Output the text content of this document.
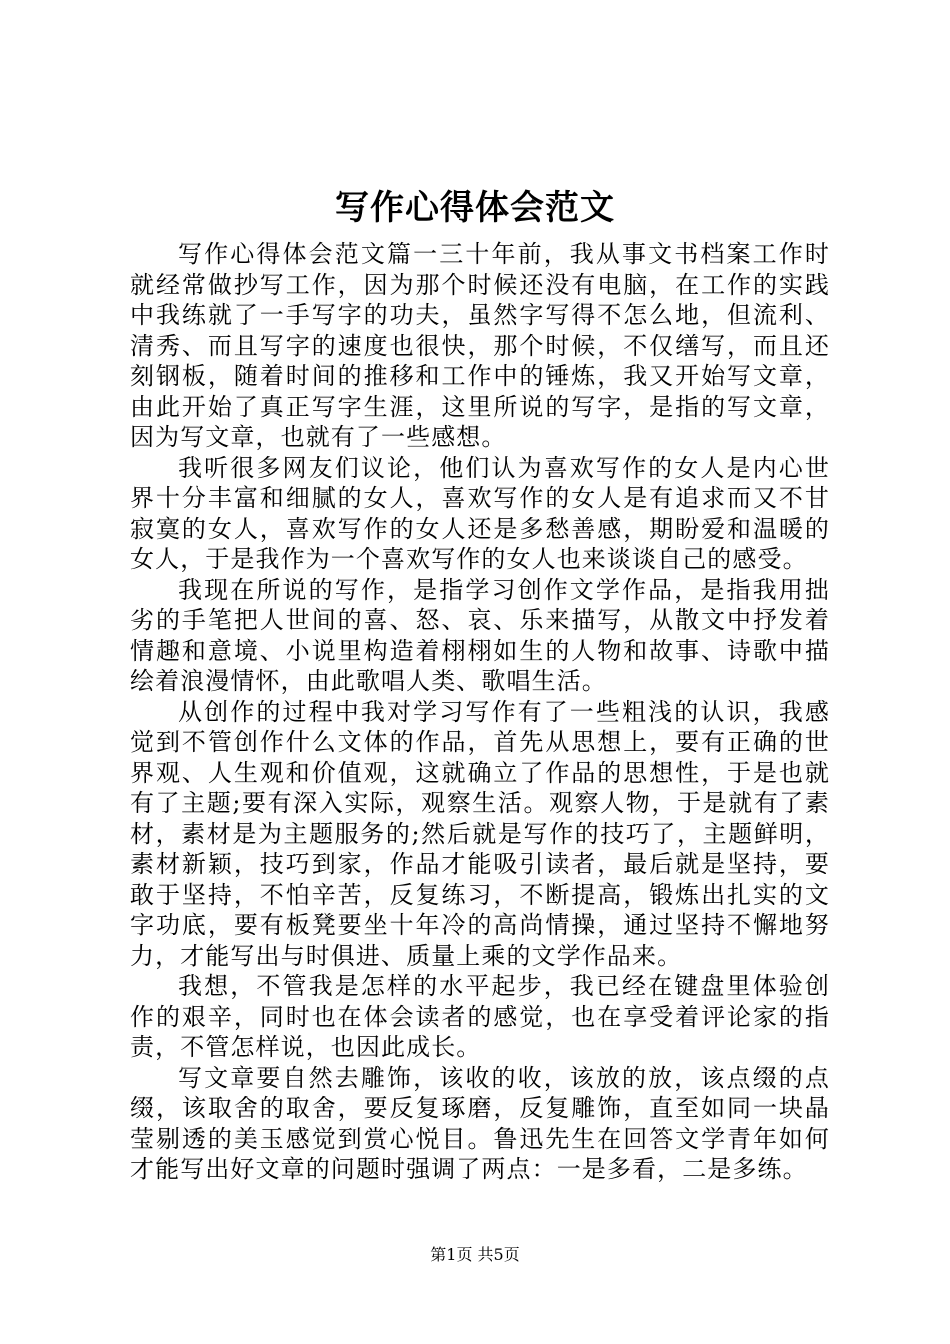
写作心得体会范文

写作心得体会范文篇一三十年前，我从事文书档案工作时就经常做抄写工作，因为那个时候还没有电脑，在工作的实践中我练就了一手写字的功夫，虽然字写得不怎么地，但流利、清秀、而且写字的速度也很快，那个时候，不仅缮写，而且还刻钢板，随着时间的推移和工作中的锤炼，我又开始写文章，由此开始了真正写字生涯，这里所说的写字，是指的写文章，因为写文章，也就有了一些感想。

我听很多网友们议论，他们认为喜欢写作的女人是内心世界十分丰富和细腻的女人，喜欢写作的女人是有追求而又不甘寂寞的女人，喜欢写作的女人还是多愁善感，期盼爱和温暖的女人，于是我作为一个喜欢写作的女人也来谈谈自己的感受。

我现在所说的写作，是指学习创作文学作品，是指我用拙劣的手笔把人世间的喜、怒、哀、乐来描写，从散文中抒发着情趣和意境、小说里构造着栩栩如生的人物和故事、诗歌中描绘着浪漫情怀，由此歌唱人类、歌唱生活。

从创作的过程中我对学习写作有了一些粗浅的认识，我感觉到不管创作什么文体的作品，首先从思想上，要有正确的世界观、人生观和价值观，这就确立了作品的思想性，于是也就有了主题;要有深入实际，观察生活。观察人物，于是就有了素材，素材是为主题服务的;然后就是写作的技巧了，主题鲜明，素材新颖，技巧到家，作品才能吸引读者，最后就是坚持，要敢于坚持，不怕辛苦，反复练习，不断提高，锻炼出扎实的文字功底，要有板凳要坐十年冷的高尚情操，通过坚持不懈地努力，才能写出与时俱进、质量上乘的文学作品来。

我想，不管我是怎样的水平起步，我已经在键盘里体验创作的艰辛，同时也在体会读者的感觉，也在享受着评论家的指责，不管怎样说，也因此成长。

写文章要自然去雕饰，该收的收，该放的放，该点缀的点缀，该取舍的取舍，要反复琢磨，反复雕饰，直至如同一块晶莹剔透的美玉感觉到赏心悦目。鲁迅先生在回答文学青年如何才能写出好文章的问题时强调了两点：一是多看，二是多练。

第1页 共5页
